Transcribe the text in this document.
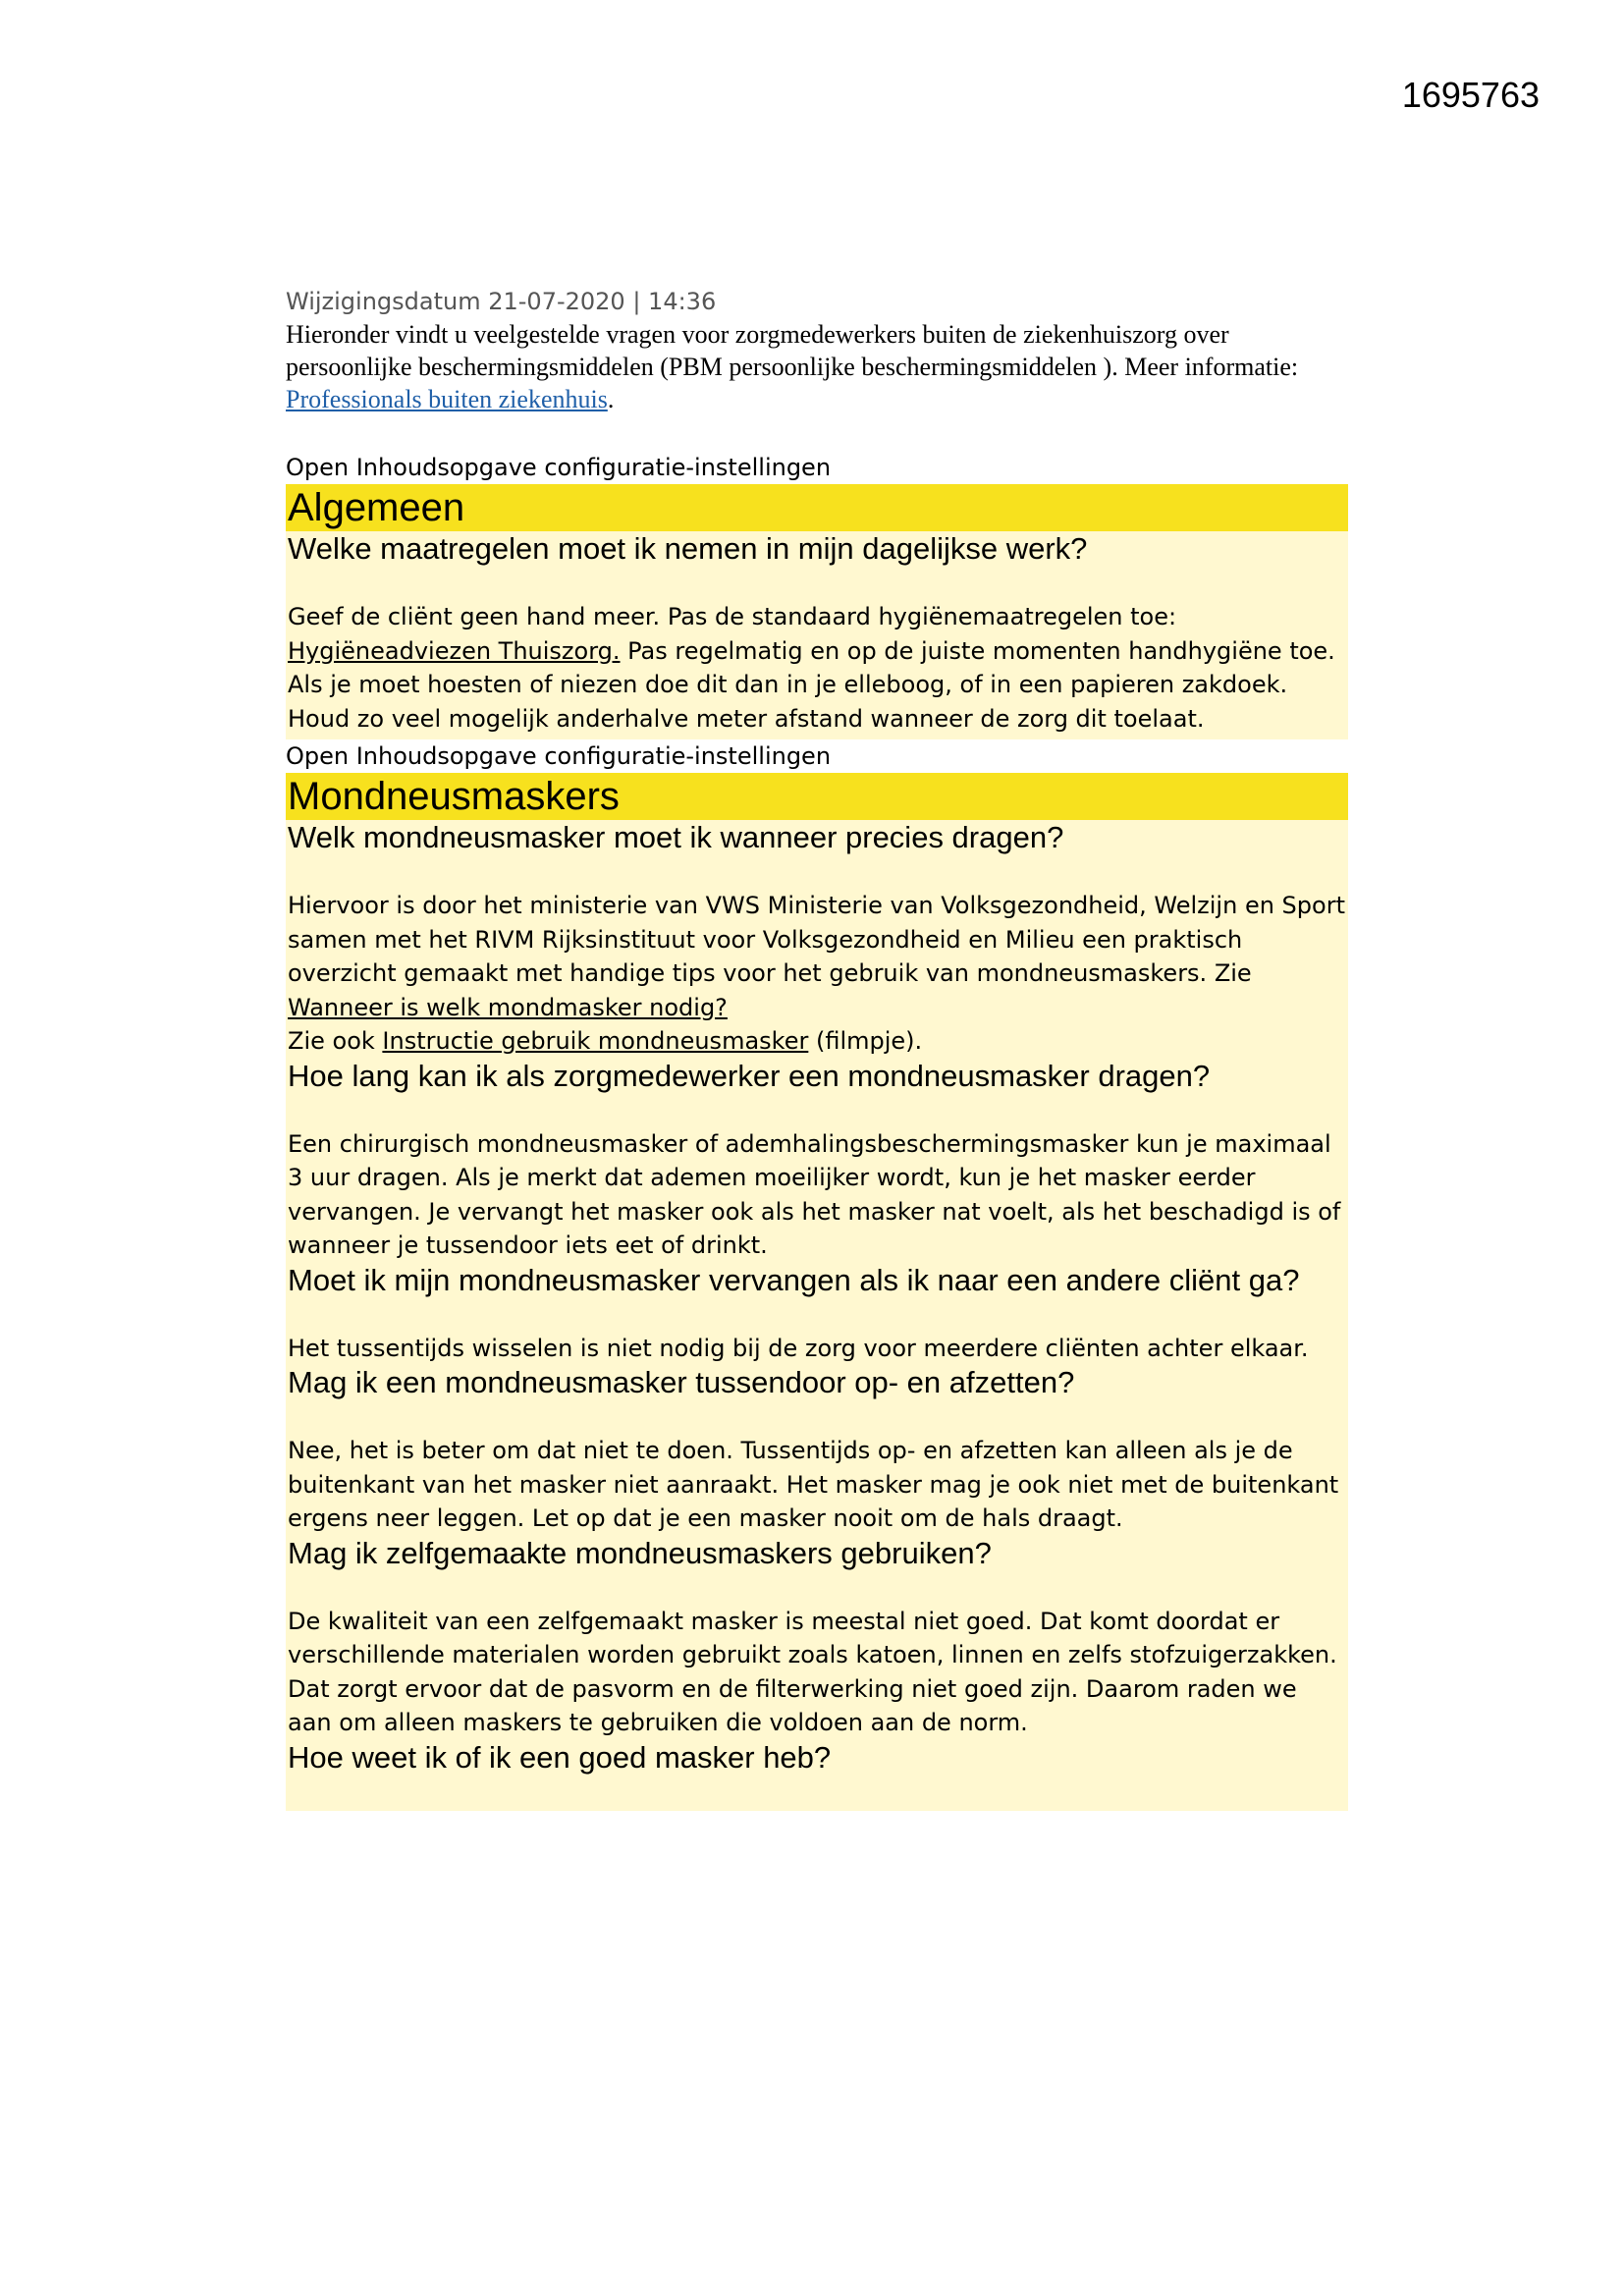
1695763
Wijzigingsdatum 21-07-2020 | 14:36

Hieronder vindt u veelgestelde vragen voor zorgmedewerkers buiten de ziekenhuiszorg over persoonlijke beschermingsmiddelen (PBM persoonlijke beschermingsmiddelen ). Meer informatie: Professionals buiten ziekenhuis.

Open Inhoudsopgave configuratie-instellingen
Algemeen

Welke maatregelen moet ik nemen in mijn dagelijkse werk?

Geef de cliënt geen hand meer. Pas de standaard hygiënemaatregelen toe: Hygiëneadviezen Thuiszorg. Pas regelmatig en op de juiste momenten handhygiëne toe. Als je moet hoesten of niezen doe dit dan in je elleboog, of in een papieren zakdoek. Houd zo veel mogelijk anderhalve meter afstand wanneer de zorg dit toelaat.

Open Inhoudsopgave configuratie-instellingen
Mondneusmaskers

Welk mondneusmasker moet ik wanneer precies dragen?

Hiervoor is door het ministerie van VWS Ministerie van Volksgezondheid, Welzijn en Sport samen met het RIVM Rijksinstituut voor Volksgezondheid en Milieu een praktisch overzicht gemaakt met handige tips voor het gebruik van mondneusmaskers. Zie Wanneer is welk mondmasker nodig?

Zie ook Instructie gebruik mondneusmasker (filmpje).

Hoe lang kan ik als zorgmedewerker een mondneusmasker dragen?

Een chirurgisch mondneusmasker of ademhalingsbeschermingsmasker kun je maximaal 3 uur dragen. Als je merkt dat ademen moeilijker wordt, kun je het masker eerder vervangen. Je vervangt het masker ook als het masker nat voelt, als het beschadigd is of wanneer je tussendoor iets eet of drinkt.

Moet ik mijn mondneusmasker vervangen als ik naar een andere cliënt ga?

Het tussentijds wisselen is niet nodig bij de zorg voor meerdere cliënten achter elkaar.

Mag ik een mondneusmasker tussendoor op- en afzetten?

Nee, het is beter om dat niet te doen. Tussentijds op- en afzetten kan alleen als je de buitenkant van het masker niet aanraakt. Het masker mag je ook niet met de buitenkant ergens neer leggen. Let op dat je een masker nooit om de hals draagt.

Mag ik zelfgemaakte mondneusmaskers gebruiken?

De kwaliteit van een zelfgemaakt masker is meestal niet goed. Dat komt doordat er verschillende materialen worden gebruikt zoals katoen, linnen en zelfs stofzuigerzakken. Dat zorgt ervoor dat de pasvorm en de filterwerking niet goed zijn. Daarom raden we aan om alleen maskers te gebruiken die voldoen aan de norm.

Hoe weet ik of ik een goed masker heb?
